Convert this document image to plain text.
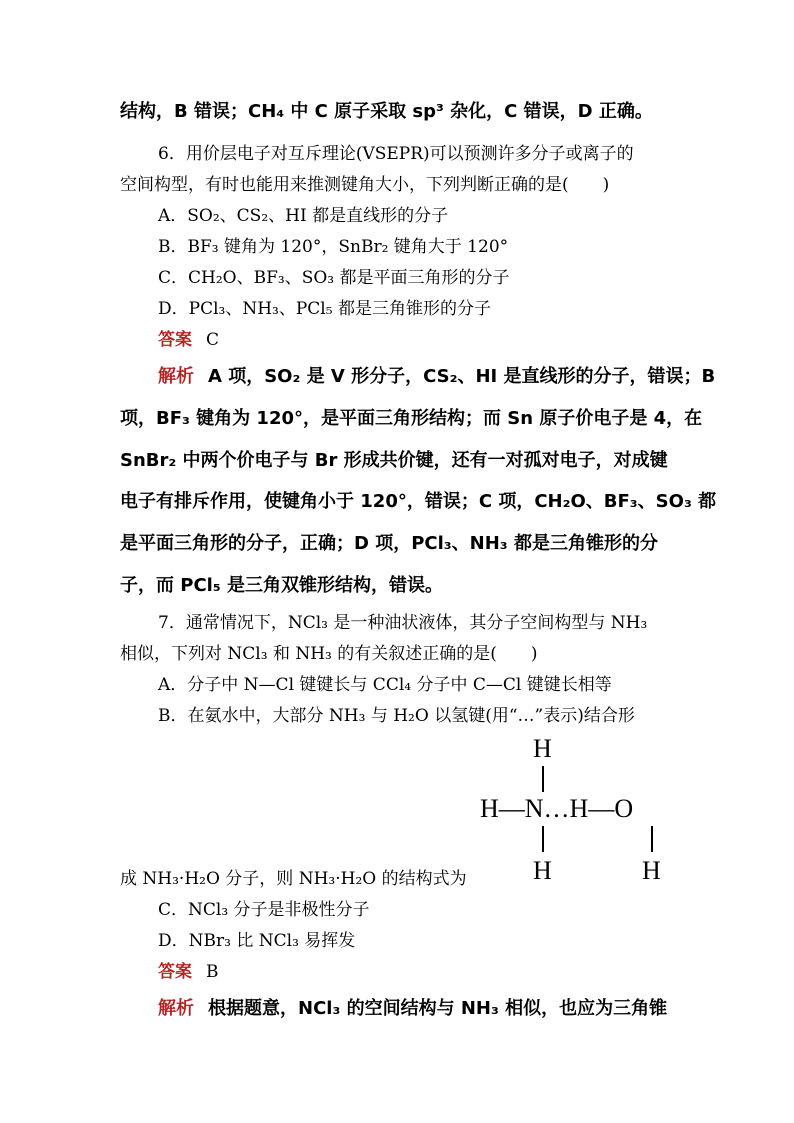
结构，B 错误；CH₄ 中 C 原子采取 sp³ 杂化，C 错误，D 正确。
6．用价层电子对互斥理论(VSEPR)可以预测许多分子或离子的
空间构型，有时也能用来推测键角大小，下列判断正确的是(　　)
A．SO₂、CS₂、HI 都是直线形的分子
B．BF₃ 键角为 120°，SnBr₂ 键角大于 120°
C．CH₂O、BF₃、SO₃ 都是平面三角形的分子
D．PCl₃、NH₃、PCl₅ 都是三角锥形的分子
答案 C
解析 A 项，SO₂ 是 V 形分子，CS₂、HI 是直线形的分子，错误；B
项，BF₃ 键角为 120°，是平面三角形结构；而 Sn 原子价电子是 4，在
SnBr₂ 中两个价电子与 Br 形成共价键，还有一对孤对电子，对成键
电子有排斥作用，使键角小于 120°，错误；C 项，CH₂O、BF₃、SO₃ 都
是平面三角形的分子，正确；D 项，PCl₃、NH₃ 都是三角锥形的分
子，而 PCl₅ 是三角双锥形结构，错误。
7．通常情况下，NCl₃ 是一种油状液体，其分子空间构型与 NH₃
相似，下列对 NCl₃ 和 NH₃ 的有关叙述正确的是(　　)
A．分子中 N—Cl 键键长与 CCl₄ 分子中 C—Cl 键键长相等
B．在氨水中，大部分 NH₃ 与 H₂O 以氢键(用“…”表示)结合形
H
H—N…H—O
H	H
成 NH₃·H₂O 分子，则 NH₃·H₂O 的结构式为
C．NCl₃ 分子是非极性分子
D．NBr₃ 比 NCl₃ 易挥发
答案 B
解析 根据题意，NCl₃ 的空间结构与 NH₃ 相似，也应为三角锥
